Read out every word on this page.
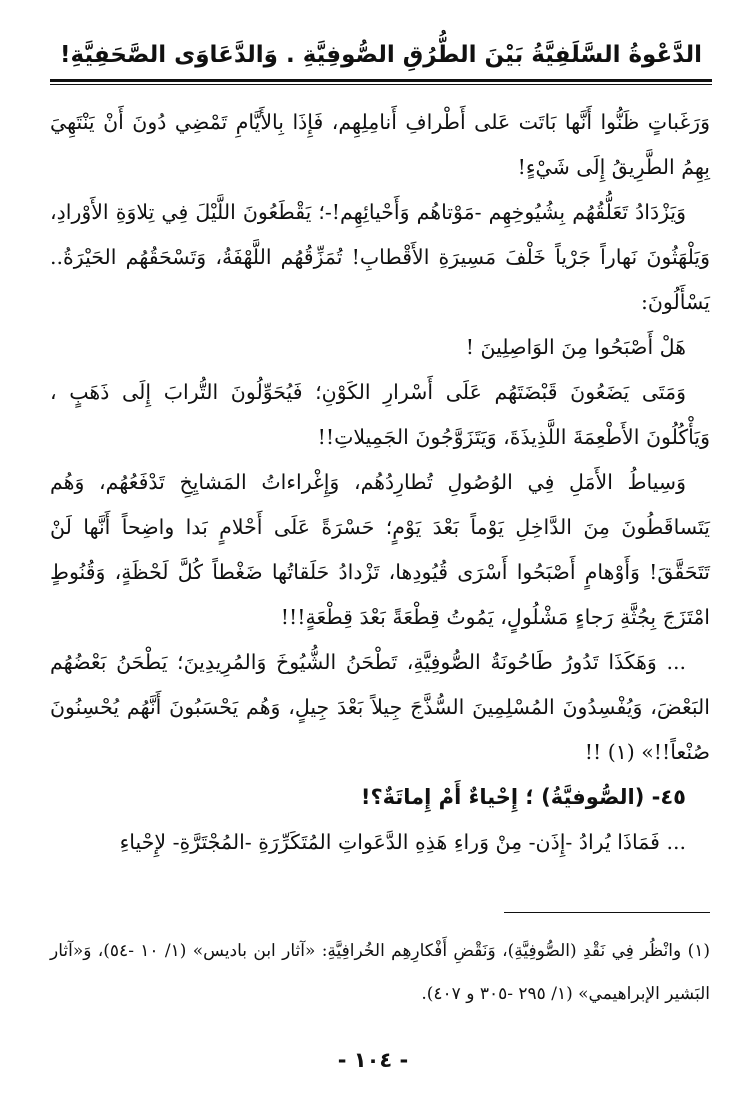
الدَّعْوةُ السَّلَفِيَّةُ بَيْنَ الطُّرُقِ الصُّوفِيَّةِ . وَالدَّعَاوَى الصَّحَفِيَّةِ!

وَرَغَباتٍ ظَنُّوا أَنَّها بَاتَت عَلى أَطْرافِ أَنامِلِهِم، فَإِذَا بِالأَيَّامِ تَمْضِي دُونَ أَنْ يَنْتَهِيَ بِهِمُ الطَّرِيقُ إِلَى شَيْءٍ!

وَيَزْدَادُ تَعَلُّقُهُم بِشُيُوخِهِم -مَوْتاهُم وَأَحْيائِهِم!-؛ يَقْطَعُونَ اللَّيْلَ فِي تِلاوَةِ الأَوْرادِ، وَيَلْهَثُونَ نَهاراً جَرْياً خَلْفَ مَسِيرَةِ الأَقْطابِ! تُمَزِّقُهُم اللَّهْفَةُ، وَتَسْحَقُهُم الحَيْرَةُ.. يَسْأَلُونَ:

هَلْ أَصْبَحُوا مِنَ الوَاصِلِينَ !

وَمَتَى يَضَعُونَ قَبْضَتَهُم عَلَى أَسْرارِ الكَوْنِ؛ فَيُحَوِّلُونَ التُّرابَ إِلَى ذَهَبٍ ، وَيَأْكُلُونَ الأَطْعِمَةَ اللَّذِيذَةَ، وَيَتَزَوَّجُونَ الجَمِيلاتِ!!

وَسِياطُ الأَمَلِ فِي الوُصُولِ تُطارِدُهُم، وَإِغْراءاتُ المَشايِخِ تَدْفَعُهُم، وَهُم يَتَساقَطُونَ مِنَ الدَّاخِلِ يَوْماً بَعْدَ يَوْمٍ؛ حَسْرَةً عَلَى أَحْلامٍ بَدا واضِحاً أَنَّها لَنْ تَتَحَقَّقَ! وَأَوْهامٍ أَصْبَحُوا أَسْرَى قُيُودِها، تَزْدادُ حَلَقاتُها ضَغْطاً كُلَّ لَحْظَةٍ، وَقُنُوطٍ امْتَزَجَ بِجُثَّةِ رَجاءٍ مَشْلُولٍ، يَمُوتُ قِطْعَةً بَعْدَ قِطْعَةٍ!!!

... وَهَكَذَا تَدُورُ طَاحُونَةُ الصُّوفِيَّةِ، تَطْحَنُ الشُّيُوخَ وَالمُرِيدِينَ؛ يَطْحَنُ بَعْضُهُم البَعْضَ، وَيُفْسِدُونَ المُسْلِمِينَ السُّذَّجَ جِيلاً بَعْدَ جِيلٍ، وَهُم يَحْسَبُونَ أَنَّهُم يُحْسِنُونَ صُنْعاً!!» (١) !!

٤٥- (الصُّوفيَّةُ) ؛ إِحْياءٌ أَمْ إِماتَةٌ؟!

... فَمَاذَا يُرادُ -إِذَن- مِنْ وَراءِ هَذِهِ الدَّعَواتِ المُتَكَرِّرَةِ -المُجْتَرَّةِ- لإِحْياءِ

(١) وانْظُر فِي نَقْدِ (الصُّوفِيَّةِ)، وَنَقْضِ أَفْكارِهِم الخُرافِيَّةِ: «آثار ابن باديس» (١/ ١٠ -٥٤)، وَ«آثار البَشير الإبراهيمي» (١/ ٢٩٥ -٣٠٥ و ٤٠٧).

- ١٠٤ -
